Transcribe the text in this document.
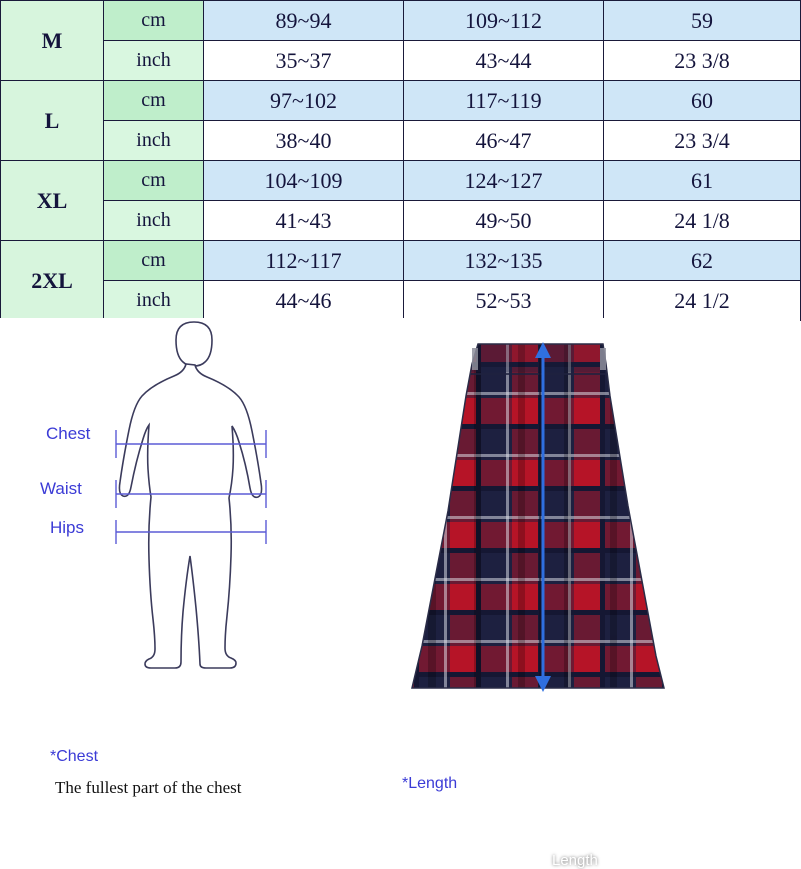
M	cm	89~94	109~112	59
	inch	35~37	43~44	23 3/8
L	cm	97~102	117~119	60
	inch	38~40	46~47	23 3/4
XL	cm	104~109	124~127	61
	inch	41~43	49~50	24 1/8
2XL	cm	112~117	132~135	62
	inch	44~46	52~53	24 1/2
Length
Chest
Waist
Hips
*Chest
The fullest part of the chest	*Length
